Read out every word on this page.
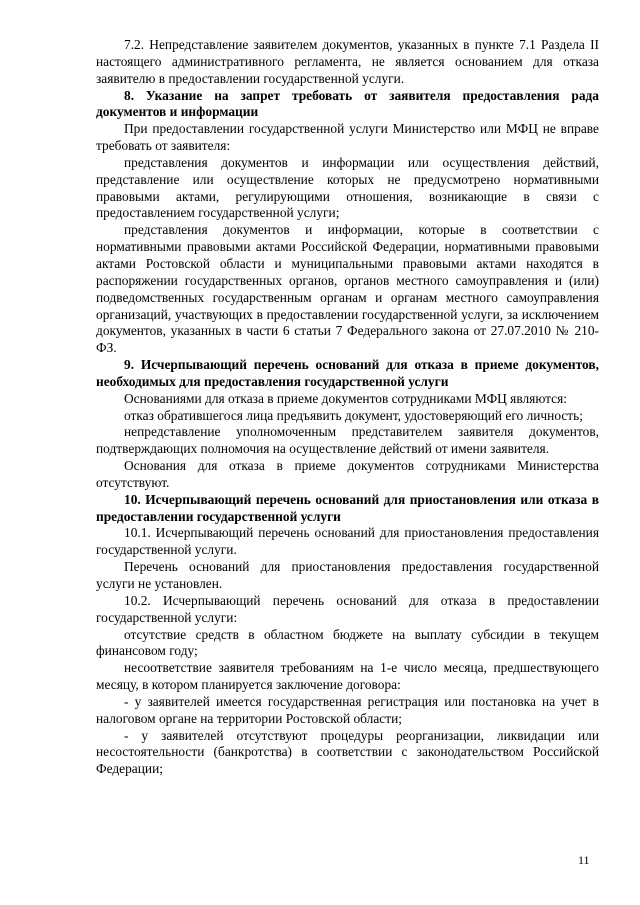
7.2. Непредставление заявителем документов, указанных в пункте 7.1 Раздела II настоящего административного регламента, не является основанием для отказа заявителю в предоставлении государственной услуги.

8. Указание на запрет требовать от заявителя предоставления рада документов и информации

При предоставлении государственной услуги Министерство или МФЦ не вправе требовать от заявителя:

представления документов и информации или осуществления действий, представление или осуществление которых не предусмотрено нормативными правовыми актами, регулирующими отношения, возникающие в связи с предоставлением государственной услуги;

представления документов и информации, которые в соответствии с нормативными правовыми актами Российской Федерации, нормативными правовыми актами Ростовской области и муниципальными правовыми актами находятся в распоряжении государственных органов, органов местного самоуправления и (или) подведомственных государственным органам и органам местного самоуправления организаций, участвующих в предоставлении государственной услуги, за исключением документов, указанных в части 6 статьи 7 Федерального закона от 27.07.2010 № 210-ФЗ.

9. Исчерпывающий перечень оснований для отказа в приеме документов, необходимых для предоставления государственной услуги

Основаниями для отказа в приеме документов сотрудниками МФЦ являются:

отказ обратившегося лица предъявить документ, удостоверяющий его личность;

непредставление уполномоченным представителем заявителя документов, подтверждающих полномочия на осуществление действий от имени заявителя.

Основания для отказа в приеме документов сотрудниками Министерства отсутствуют.

10. Исчерпывающий перечень оснований для приостановления или отказа в предоставлении государственной услуги

10.1. Исчерпывающий перечень оснований для приостановления предоставления государственной услуги.

Перечень оснований для приостановления предоставления государственной услуги не установлен.

10.2. Исчерпывающий перечень оснований для отказа в предоставлении государственной услуги:

отсутствие средств в областном бюджете на выплату субсидии в текущем финансовом году;

несоответствие заявителя требованиям на 1-е число месяца, предшествующего месяцу, в котором планируется заключение договора:

- у заявителей имеется государственная регистрация или постановка на учет в налоговом органе на территории Ростовской области;

- у заявителей отсутствуют процедуры реорганизации, ликвидации или несостоятельности (банкротства) в соответствии с законодательством Российской Федерации;

11
